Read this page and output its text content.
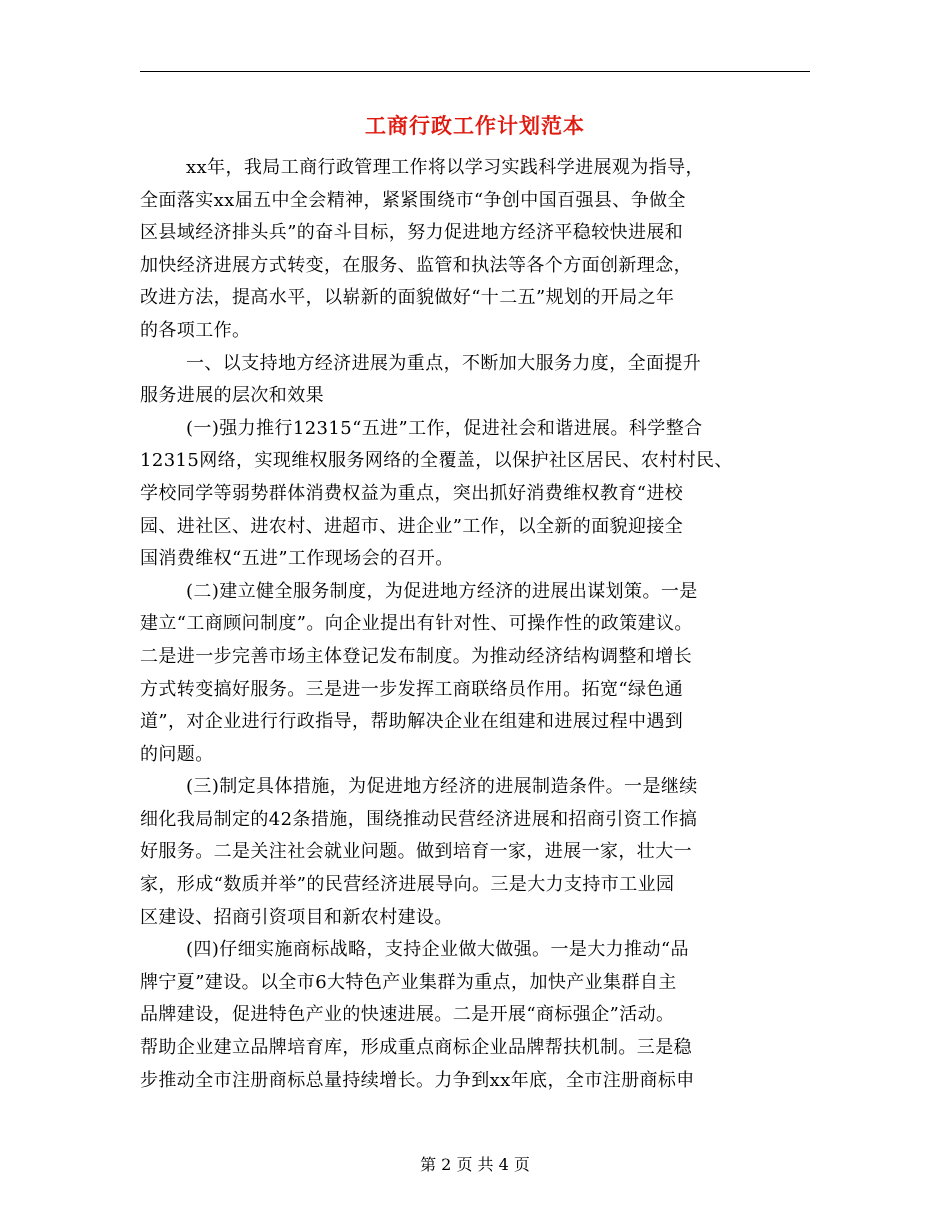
工商行政工作计划范本
xx年，我局工商行政管理工作将以学习实践科学进展观为指导，
全面落实xx届五中全会精神，紧紧围绕市“争创中国百强县、争做全
区县域经济排头兵”的奋斗目标，努力促进地方经济平稳较快进展和
加快经济进展方式转变，在服务、监管和执法等各个方面创新理念，
改进方法，提高水平，以崭新的面貌做好“十二五”规划的开局之年
的各项工作。
一、以支持地方经济进展为重点，不断加大服务力度，全面提升
服务进展的层次和效果
(一)强力推行12315“五进”工作，促进社会和谐进展。科学整合
12315网络，实现维权服务网络的全覆盖，以保护社区居民、农村村民、
学校同学等弱势群体消费权益为重点，突出抓好消费维权教育“进校
园、进社区、进农村、进超市、进企业”工作，以全新的面貌迎接全
国消费维权“五进”工作现场会的召开。
(二)建立健全服务制度，为促进地方经济的进展出谋划策。一是
建立“工商顾问制度”。向企业提出有针对性、可操作性的政策建议。
二是进一步完善市场主体登记发布制度。为推动经济结构调整和增长
方式转变搞好服务。三是进一步发挥工商联络员作用。拓宽“绿色通
道”，对企业进行行政指导，帮助解决企业在组建和进展过程中遇到
的问题。
(三)制定具体措施，为促进地方经济的进展制造条件。一是继续
细化我局制定的42条措施，围绕推动民营经济进展和招商引资工作搞
好服务。二是关注社会就业问题。做到培育一家，进展一家，壮大一
家，形成“数质并举”的民营经济进展导向。三是大力支持市工业园
区建设、招商引资项目和新农村建设。
(四)仔细实施商标战略，支持企业做大做强。一是大力推动“品
牌宁夏”建设。以全市6大特色产业集群为重点，加快产业集群自主
品牌建设，促进特色产业的快速进展。二是开展“商标强企”活动。
帮助企业建立品牌培育库，形成重点商标企业品牌帮扶机制。三是稳
步推动全市注册商标总量持续增长。力争到xx年底，全市注册商标申
第 2 页 共 4 页
